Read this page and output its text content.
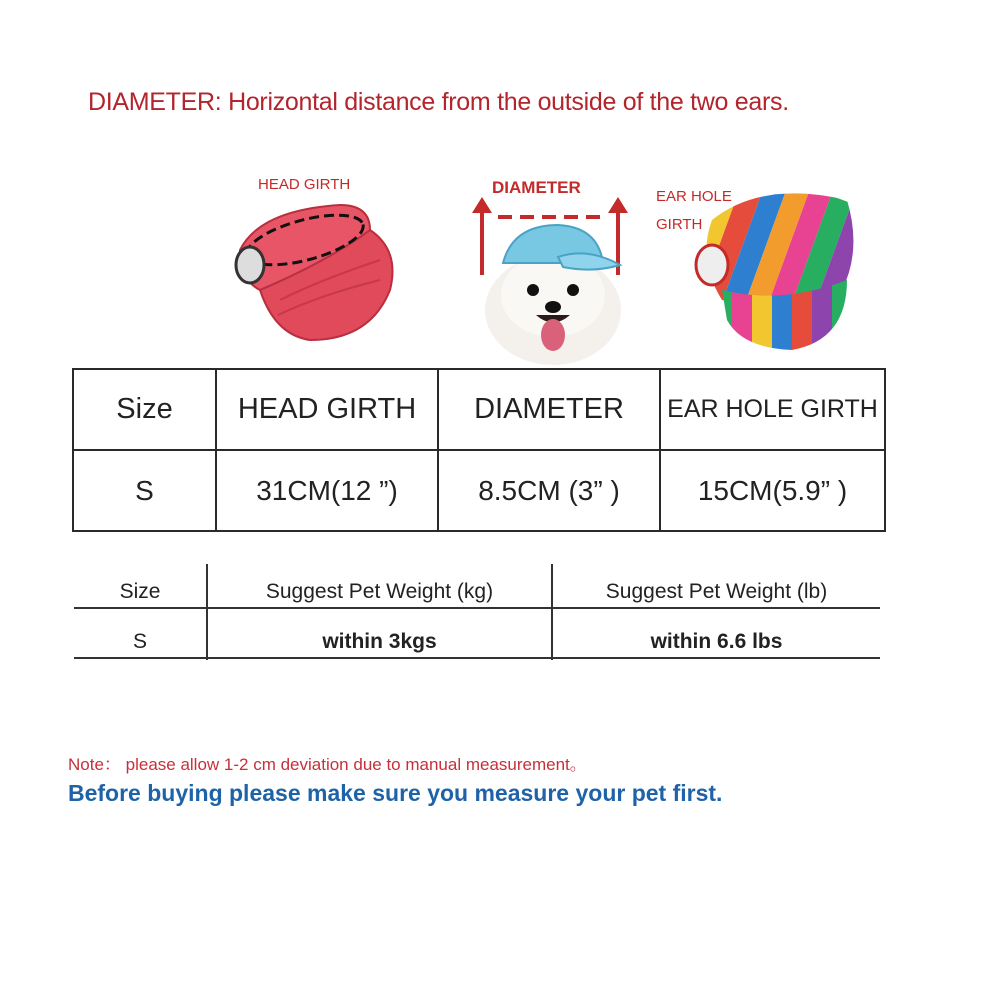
DIAMETER: Horizontal distance from the outside of the two ears.
HEAD GIRTH	DIAMETER	EAR HOLE
GIRTH
Size	HEAD GIRTH	DIAMETER	EAR HOLE GIRTH
S	31CM(12 ”)	8.5CM (3” )	15CM(5.9” )
Size	Suggest Pet Weight (kg)	Suggest Pet Weight (lb)
S	within 3kgs	within 6.6 lbs
Note： please allow 1-2 cm deviation due to manual measurement。
Before buying please make sure you measure your pet first.
